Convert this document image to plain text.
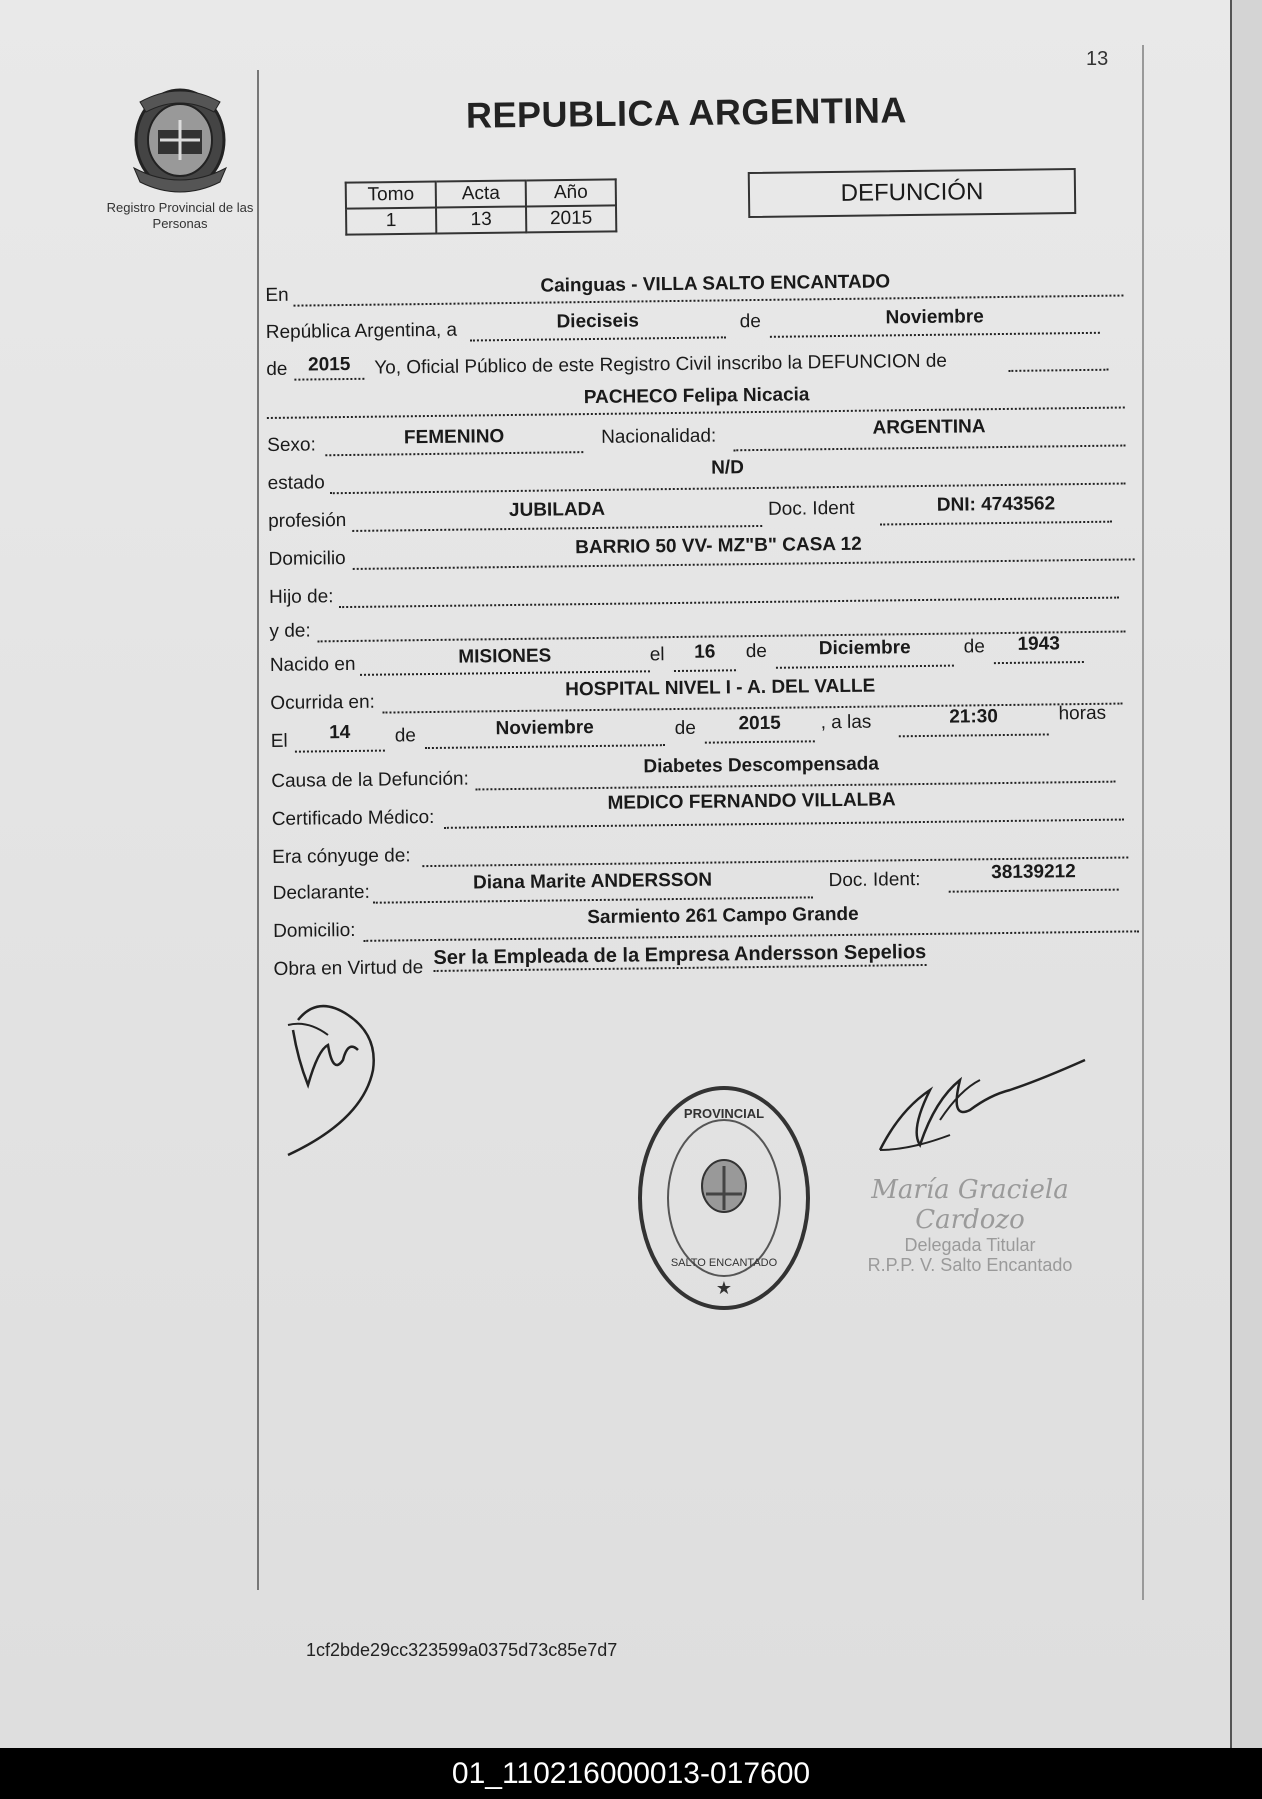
13
Registro Provincial de las Personas
REPUBLICA ARGENTINA
Tomo	Acta	Año
1	13	2015
DEFUNCIÓN
En	Cainguas - VILLA SALTO ENCANTADO
República Argentina, a	Dieciseis	de	Noviembre
de	2015	Yo, Oficial Público de este Registro Civil inscribo la DEFUNCION de
PACHECO Felipa Nicacia
Sexo:	FEMENINO	Nacionalidad:	ARGENTINA
estado
N/D
profesión	JUBILADA	Doc. Ident	DNI: 4743562
Domicilio
BARRIO 50 VV- MZ"B" CASA 12
Hijo de:
y de:
Nacido en	MISIONES	el	16	de	Diciembre	de	1943
Ocurrida en:
HOSPITAL NIVEL I - A. DEL VALLE
El	14	de	Noviembre	de	2015	, a las	21:30	horas
Causa de la Defunción:
Diabetes Descompensada
Certificado Médico:
MEDICO FERNANDO VILLALBA
Era cónyuge de:
Declarante:	Diana Marite ANDERSSON	Doc. Ident:	38139212
Domicilio:
Sarmiento 261 Campo Grande
Obra en Virtud de Ser la Empleada de la Empresa Andersson Sepelios
PROVINCIAL
SALTO ENCANTADO
★
María Graciela Cardozo
Delegada Titular
R.P.P. V. Salto Encantado
1cf2bde29cc323599a0375d73c85e7d7
01_110216000013-017600
